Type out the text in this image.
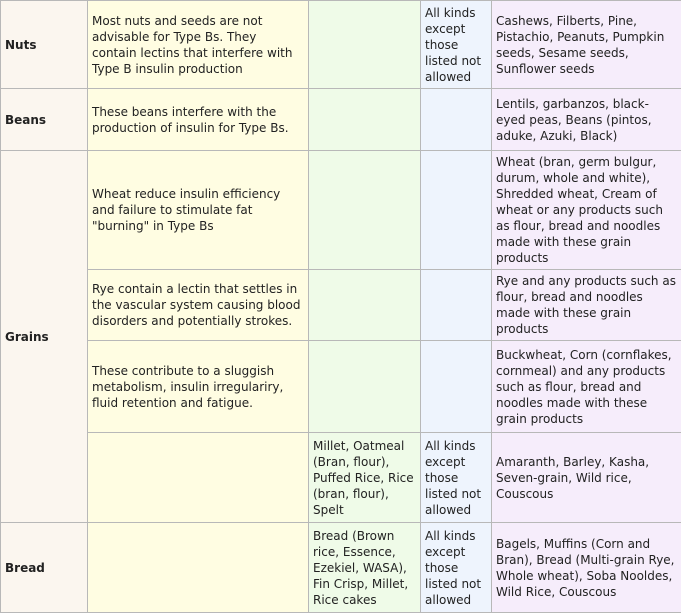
Nuts	Most nuts and seeds are not advisable for Type Bs. They contain lectins that interfere with Type B insulin production		All kinds except those listed not allowed	Cashews, Filberts, Pine, Pistachio, Peanuts, Pumpkin seeds, Sesame seeds, Sunflower seeds
Beans	These beans interfere with the production of insulin for Type Bs.			Lentils, garbanzos, black-eyed peas, Beans (pintos, aduke, Azuki, Black)
Grains	Wheat reduce insulin efficiency and failure to stimulate fat "burning" in Type Bs			Wheat (bran, germ bulgur, durum, whole and white), Shredded wheat, Cream of wheat or any products such as flour, bread and noodles made with these grain products
	Rye contain a lectin that settles in the vascular system causing blood disorders and potentially strokes.			Rye and any products such as flour, bread and noodles made with these grain products
	These contribute to a sluggish metabolism, insulin irregulariry, fluid retention and fatigue.			Buckwheat, Corn (cornflakes, cornmeal) and any products such as flour, bread and noodles made with these grain products
		Millet, Oatmeal (Bran, flour), Puffed Rice, Rice (bran, flour), Spelt	All kinds except those listed not allowed	Amaranth, Barley, Kasha, Seven-grain, Wild rice, Couscous
Bread		Bread (Brown rice, Essence, Ezekiel, WASA), Fin Crisp, Millet, Rice cakes	All kinds except those listed not allowed	Bagels, Muffins (Corn and Bran), Bread (Multi-grain Rye, Whole wheat), Soba Nooldes, Wild Rice, Couscous
